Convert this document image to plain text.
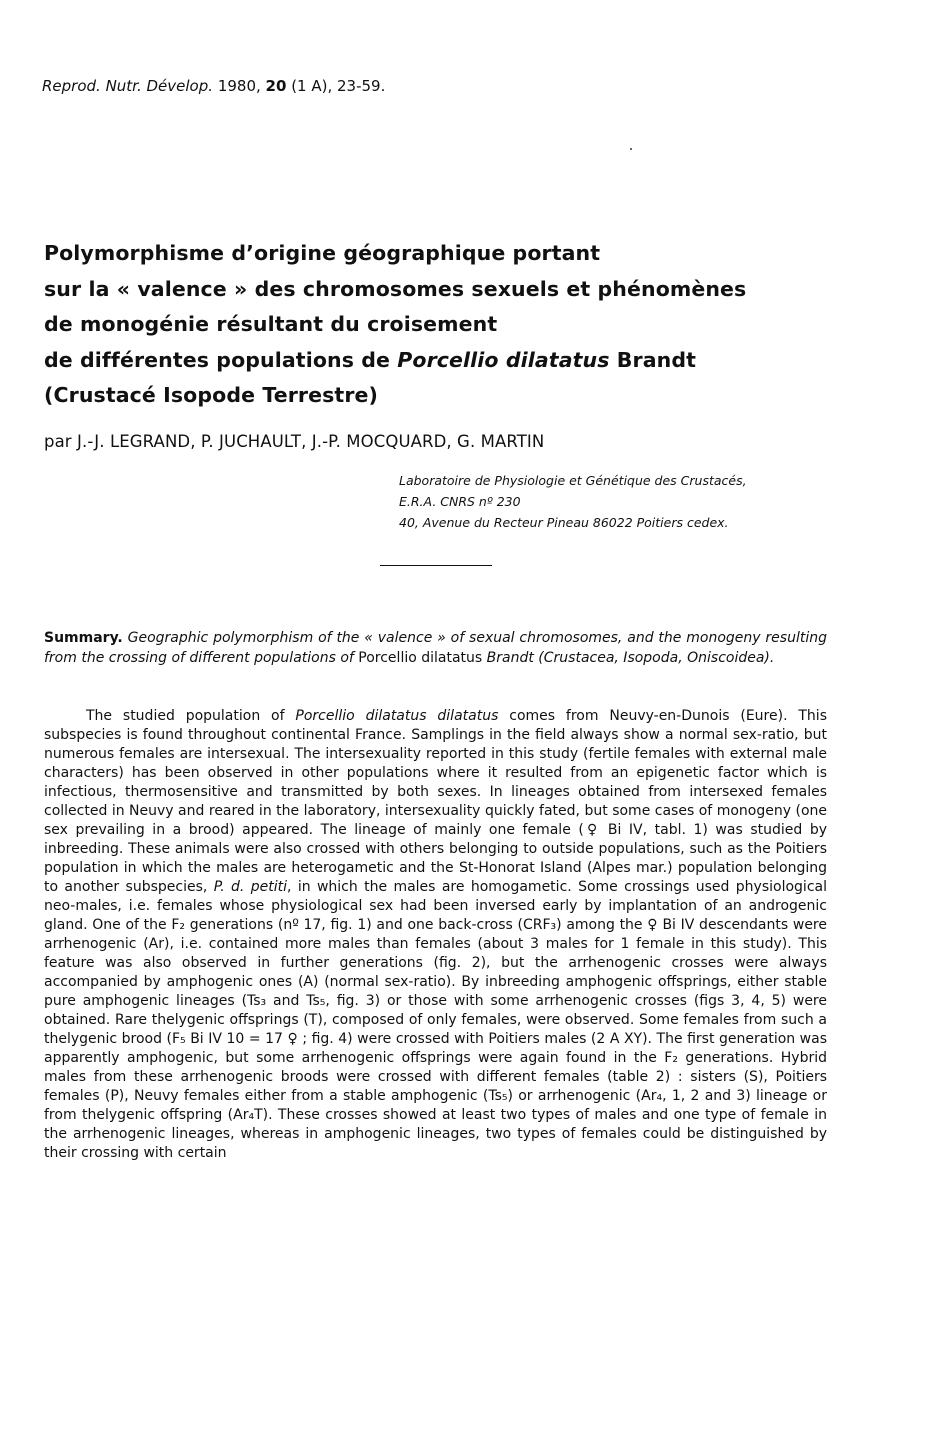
Reprod. Nutr. Dévelop. 1980, 20 (1 A), 23-59.
Polymorphisme d’origine géographique portant
sur la « valence » des chromosomes sexuels et phénomènes
de monogénie résultant du croisement
de différentes populations de Porcellio dilatatus Brandt
(Crustacé Isopode Terrestre)
par J.-J. LEGRAND, P. JUCHAULT, J.-P. MOCQUARD, G. MARTIN
Laboratoire de Physiologie et Génétique des Crustacés,
E.R.A. CNRS nº 230
40, Avenue du Recteur Pineau 86022 Poitiers cedex.
Summary. Geographic polymorphism of the « valence » of sexual chromosomes, and the monogeny resulting from the crossing of different populations of Porcellio dilatatus Brandt (Crustacea, Isopoda, Oniscoidea).

The studied population of Porcellio dilatatus dilatatus comes from Neuvy-en-Dunois (Eure). This subspecies is found throughout continental France. Samplings in the field always show a normal sex-ratio, but numerous females are intersexual. The intersexuality reported in this study (fertile females with external male characters) has been observed in other populations where it resulted from an epigenetic factor which is infectious, thermosensitive and transmitted by both sexes. In lineages obtained from intersexed females collected in Neuvy and reared in the laboratory, intersexuality quickly fated, but some cases of monogeny (one sex prevailing in a brood) appeared. The lineage of mainly one female (♀ Bi IV, tabl. 1) was studied by inbreeding. These animals were also crossed with others belonging to outside populations, such as the Poitiers population in which the males are heterogametic and the St-Honorat Island (Alpes mar.) population belonging to another subspecies, P. d. petiti, in which the males are homogametic. Some crossings used physiological neo-males, i.e. females whose physiological sex had been inversed early by implantation of an androgenic gland. One of the F₂ generations (nº 17, fig. 1) and one back-cross (CRF₃) among the ♀ Bi IV descendants were arrhenogenic (Ar), i.e. contained more males than females (about 3 males for 1 female in this study). This feature was also observed in further generations (fig. 2), but the arrhenogenic crosses were always accompanied by amphogenic ones (A) (normal sex-ratio). By inbreeding amphogenic offsprings, either stable pure amphogenic lineages (Ts₃ and Ts₅, fig. 3) or those with some arrhenogenic crosses (figs 3, 4, 5) were obtained. Rare thelygenic offsprings (T), composed of only females, were observed. Some females from such a thelygenic brood (F₅ Bi IV 10 = 17 ♀ ; fig. 4) were crossed with Poitiers males (2 A XY). The first generation was apparently amphogenic, but some arrhenogenic offsprings were again found in the F₂ generations. Hybrid males from these arrhenogenic broods were crossed with different females (table 2) : sisters (S), Poitiers females (P), Neuvy females either from a stable amphogenic (Ts₅) or arrhenogenic (Ar₄, 1, 2 and 3) lineage or from thelygenic offspring (Ar₄T). These crosses showed at least two types of males and one type of female in the arrhenogenic lineages, whereas in amphogenic lineages, two types of females could be distinguished by their crossing with certain
